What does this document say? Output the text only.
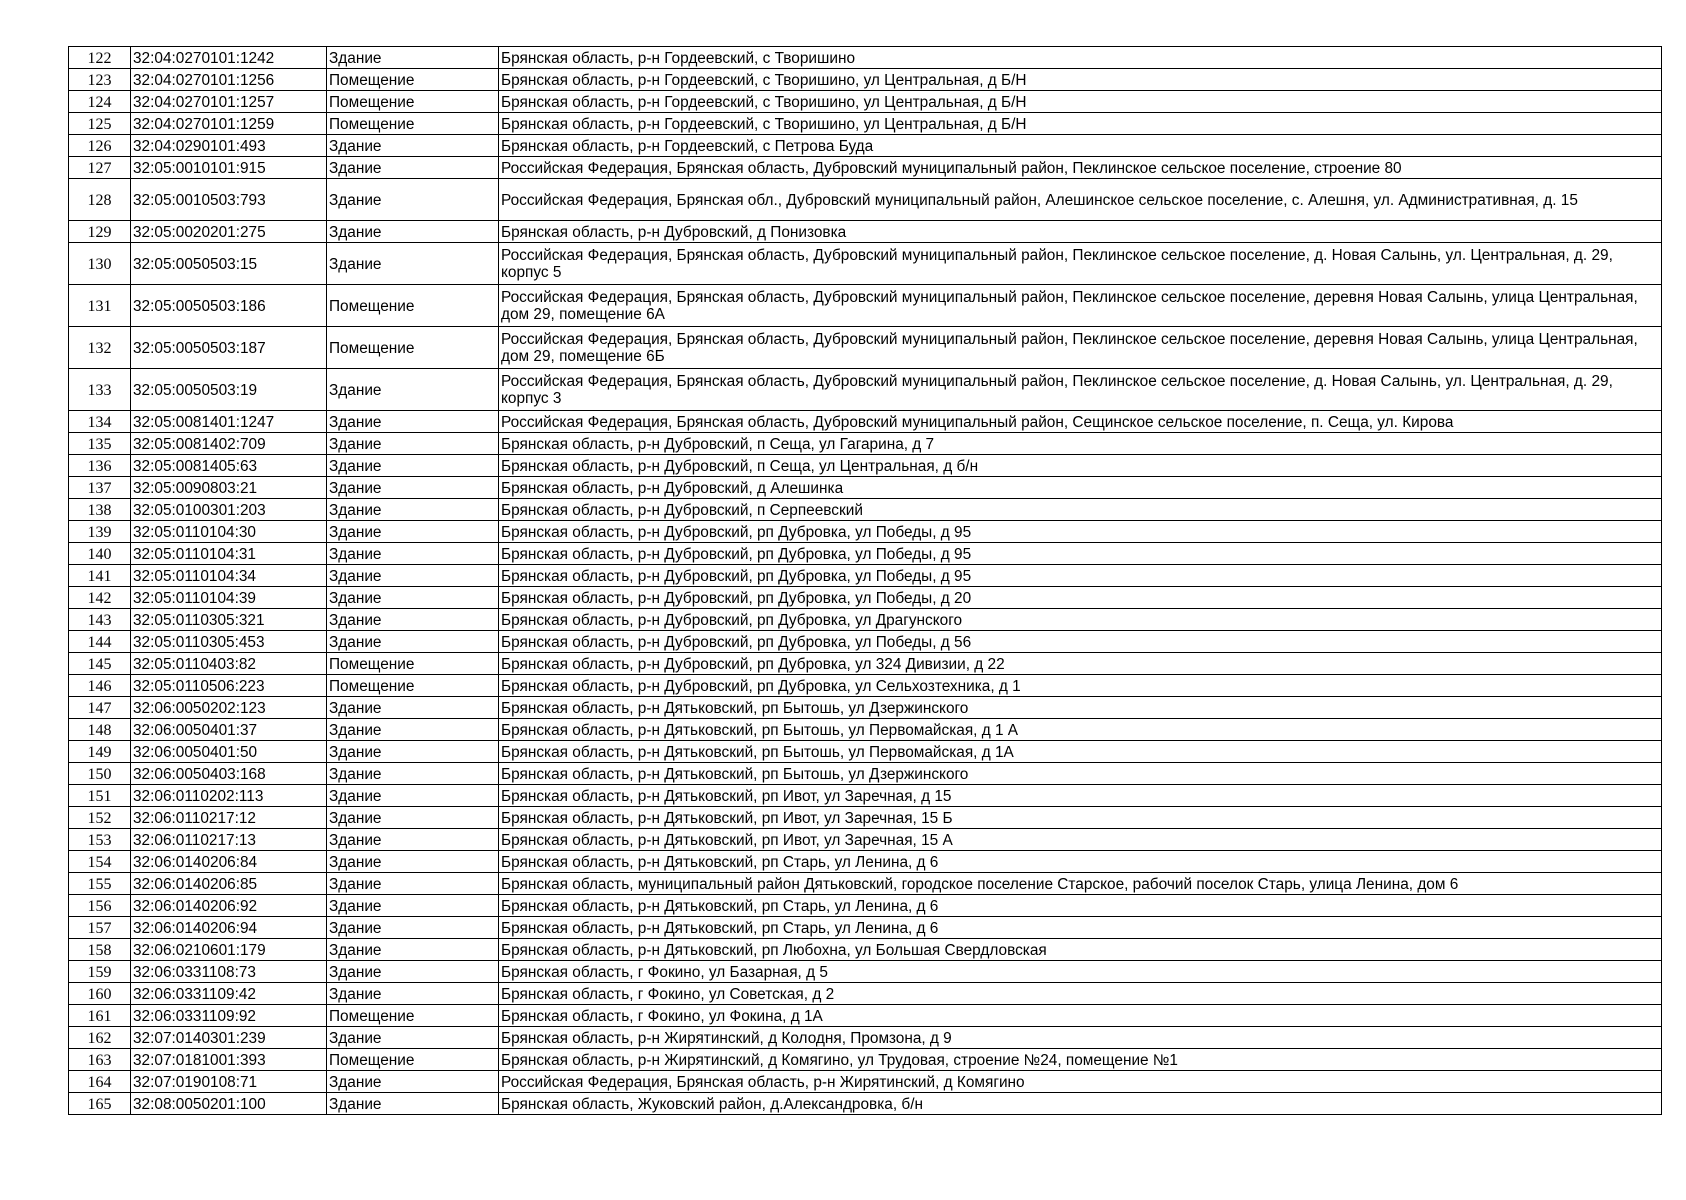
122	32:04:0270101:1242	Здание	Брянская область, р-н Гордеевский, с Творишино
123	32:04:0270101:1256	Помещение	Брянская область, р-н Гордеевский, с Творишино, ул Центральная, д Б/Н
124	32:04:0270101:1257	Помещение	Брянская область, р-н Гордеевский, с Творишино, ул Центральная, д Б/Н
125	32:04:0270101:1259	Помещение	Брянская область, р-н Гордеевский, с Творишино, ул Центральная, д Б/Н
126	32:04:0290101:493	Здание	Брянская область, р-н Гордеевский, с Петрова Буда
127	32:05:0010101:915	Здание	Российская Федерация, Брянская область, Дубровский муниципальный район, Пеклинское сельское поселение, строение 80
128	32:05:0010503:793	Здание	Российская Федерация, Брянская обл., Дубровский муниципальный район, Алешинское сельское поселение, с. Алешня, ул. Административная, д. 15
129	32:05:0020201:275	Здание	Брянская область, р-н Дубровский, д Понизовка
130	32:05:0050503:15	Здание	Российская Федерация, Брянская область, Дубровский муниципальный район, Пеклинское сельское поселение, д. Новая Салынь, ул. Центральная, д. 29, корпус 5
131	32:05:0050503:186	Помещение	Российская Федерация, Брянская область, Дубровский муниципальный район, Пеклинское сельское поселение, деревня Новая Салынь, улица Центральная, дом 29, помещение 6А
132	32:05:0050503:187	Помещение	Российская Федерация, Брянская область, Дубровский муниципальный район, Пеклинское сельское поселение, деревня Новая Салынь, улица Центральная, дом 29, помещение 6Б
133	32:05:0050503:19	Здание	Российская Федерация, Брянская область, Дубровский муниципальный район, Пеклинское сельское поселение, д. Новая Салынь, ул. Центральная, д. 29, корпус 3
134	32:05:0081401:1247	Здание	Российская Федерация, Брянская область, Дубровский муниципальный район, Сещинское сельское поселение, п. Сеща, ул. Кирова
135	32:05:0081402:709	Здание	Брянская область, р-н Дубровский, п Сеща, ул Гагарина, д 7
136	32:05:0081405:63	Здание	Брянская область, р-н Дубровский, п Сеща, ул Центральная, д б/н
137	32:05:0090803:21	Здание	Брянская область, р-н Дубровский, д Алешинка
138	32:05:0100301:203	Здание	Брянская область, р-н Дубровский, п Серпеевский
139	32:05:0110104:30	Здание	Брянская область, р-н Дубровский, рп Дубровка, ул Победы, д 95
140	32:05:0110104:31	Здание	Брянская область, р-н Дубровский, рп Дубровка, ул Победы, д 95
141	32:05:0110104:34	Здание	Брянская область, р-н Дубровский, рп Дубровка, ул Победы, д 95
142	32:05:0110104:39	Здание	Брянская область, р-н Дубровский, рп Дубровка, ул Победы, д 20
143	32:05:0110305:321	Здание	Брянская область, р-н Дубровский, рп Дубровка, ул Драгунского
144	32:05:0110305:453	Здание	Брянская область, р-н Дубровский, рп Дубровка, ул Победы, д 56
145	32:05:0110403:82	Помещение	Брянская область, р-н Дубровский, рп Дубровка, ул 324 Дивизии, д 22
146	32:05:0110506:223	Помещение	Брянская область, р-н Дубровский, рп Дубровка, ул Сельхозтехника, д 1
147	32:06:0050202:123	Здание	Брянская область, р-н Дятьковский, рп Бытошь, ул Дзержинского
148	32:06:0050401:37	Здание	Брянская область, р-н Дятьковский, рп Бытошь, ул Первомайская, д 1 А
149	32:06:0050401:50	Здание	Брянская область, р-н Дятьковский, рп Бытошь, ул Первомайская, д 1А
150	32:06:0050403:168	Здание	Брянская область, р-н Дятьковский, рп Бытошь, ул Дзержинского
151	32:06:0110202:113	Здание	Брянская область, р-н Дятьковский, рп Ивот, ул Заречная, д 15
152	32:06:0110217:12	Здание	Брянская область, р-н Дятьковский, рп Ивот, ул Заречная, 15 Б
153	32:06:0110217:13	Здание	Брянская область, р-н Дятьковский, рп Ивот, ул Заречная, 15 А
154	32:06:0140206:84	Здание	Брянская область, р-н Дятьковский, рп Старь, ул Ленина, д 6
155	32:06:0140206:85	Здание	Брянская область, муниципальный район Дятьковский, городское поселение Старское, рабочий поселок Старь, улица Ленина, дом 6
156	32:06:0140206:92	Здание	Брянская область, р-н Дятьковский, рп Старь, ул Ленина, д 6
157	32:06:0140206:94	Здание	Брянская область, р-н Дятьковский, рп Старь, ул Ленина, д 6
158	32:06:0210601:179	Здание	Брянская область, р-н Дятьковский, рп Любохна, ул Большая Свердловская
159	32:06:0331108:73	Здание	Брянская область, г Фокино, ул Базарная, д 5
160	32:06:0331109:42	Здание	Брянская область, г Фокино, ул Советская, д 2
161	32:06:0331109:92	Помещение	Брянская область, г Фокино, ул Фокина, д 1А
162	32:07:0140301:239	Здание	Брянская область, р-н Жирятинский, д Колодня, Промзона, д 9
163	32:07:0181001:393	Помещение	Брянская область, р-н Жирятинский, д Комягино, ул Трудовая, строение №24, помещение №1
164	32:07:0190108:71	Здание	Российская Федерация, Брянская область, р-н Жирятинский, д Комягино
165	32:08:0050201:100	Здание	Брянская область, Жуковский район, д.Александровка, б/н
